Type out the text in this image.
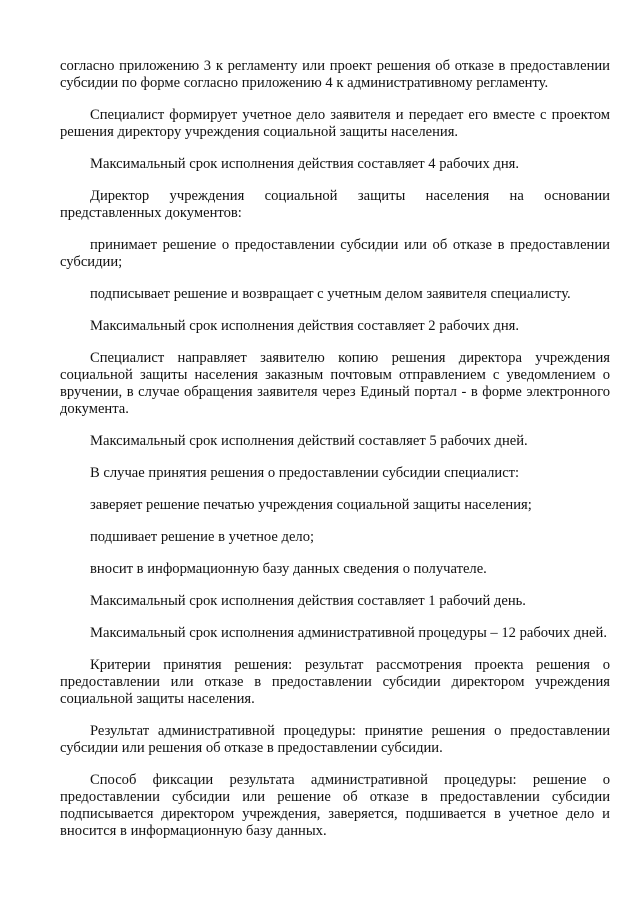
согласно приложению 3 к регламенту или проект решения об отказе в предоставлении субсидии по форме согласно приложению 4 к административному регламенту.

Специалист формирует учетное дело заявителя и передает его вместе с проектом решения директору учреждения социальной защиты населения.

Максимальный срок исполнения действия составляет 4 рабочих дня.

Директор учреждения социальной защиты населения на основании представленных документов:

принимает решение о предоставлении субсидии или об отказе в предоставлении субсидии;

подписывает решение и возвращает с учетным делом заявителя специалисту.

Максимальный срок исполнения действия составляет 2 рабочих дня.

Специалист направляет заявителю копию решения директора учреждения социальной защиты населения заказным почтовым отправлением с уведомлением о вручении, в случае обращения заявителя через Единый портал - в форме электронного документа.

Максимальный срок исполнения действий составляет 5 рабочих дней.

В случае принятия решения о предоставлении субсидии специалист:

заверяет решение печатью учреждения социальной защиты населения;

подшивает решение в учетное дело;

вносит в информационную базу данных сведения о получателе.

Максимальный срок исполнения действия составляет 1 рабочий день.

Максимальный срок исполнения административной процедуры – 12 рабочих дней.

Критерии принятия решения: результат рассмотрения проекта решения о предоставлении или отказе в предоставлении субсидии директором учреждения социальной защиты населения.

Результат административной процедуры: принятие решения о предоставлении субсидии или решения об отказе в предоставлении субсидии.

Способ фиксации результата административной процедуры: решение о предоставлении субсидии или решение об отказе в предоставлении субсидии подписывается директором учреждения, заверяется, подшивается в учетное дело и вносится в информационную базу данных.
